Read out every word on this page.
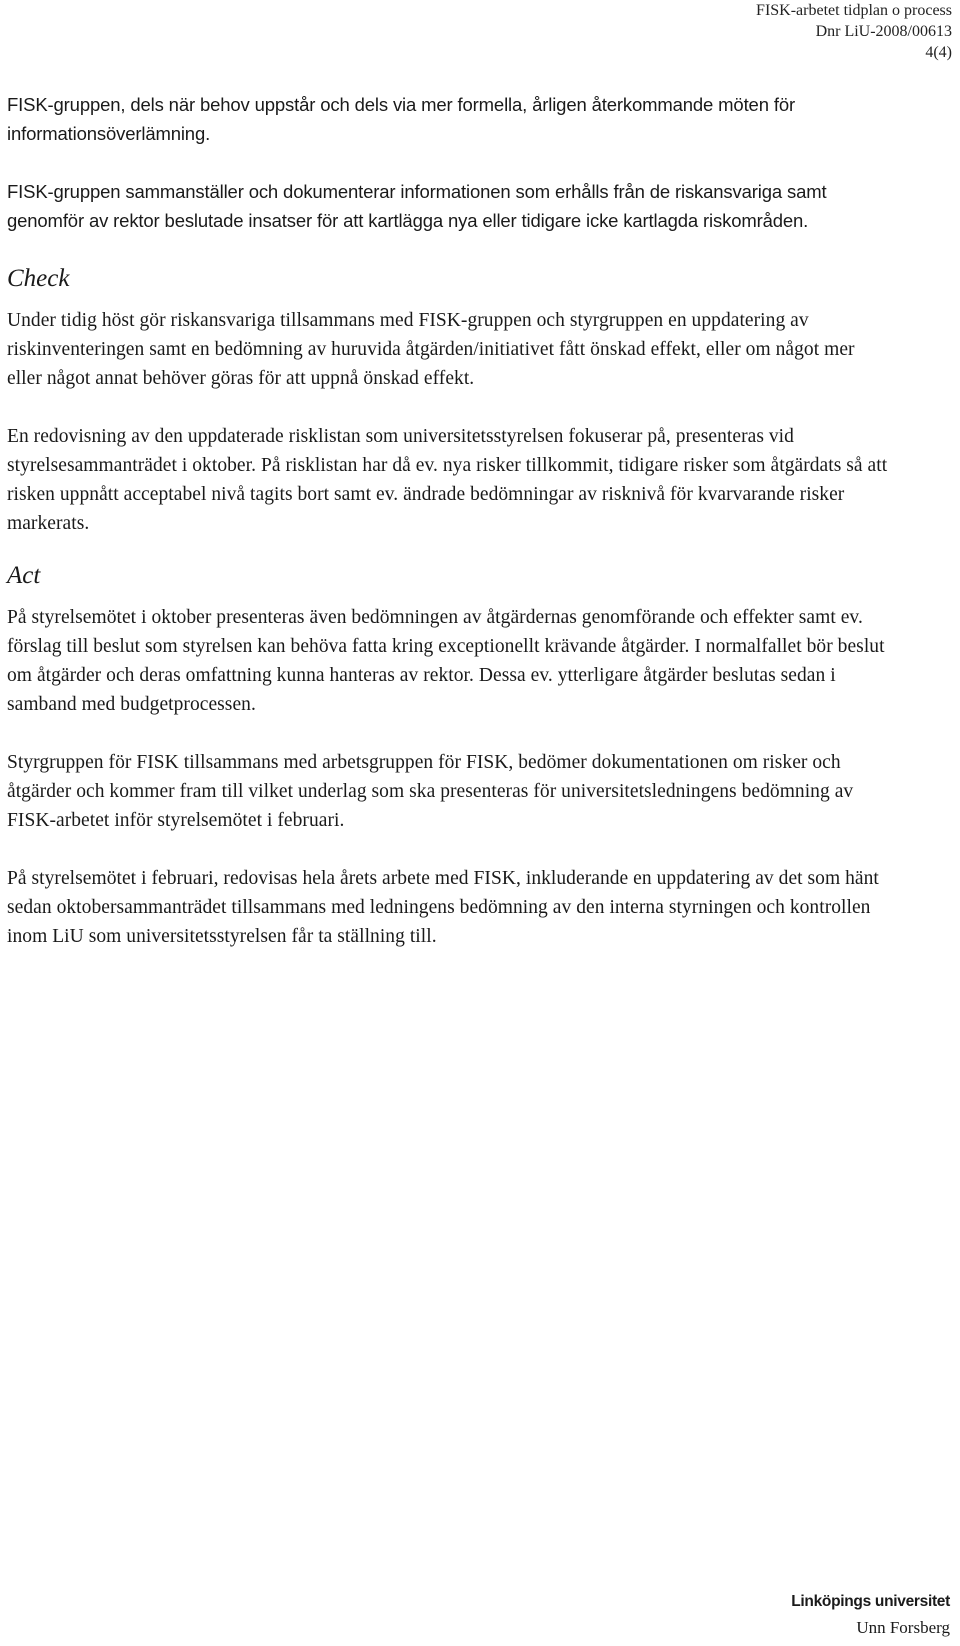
FISK-arbetet tidplan o process
Dnr LiU-2008/00613
4(4)

FISK-gruppen, dels när behov uppstår och dels via mer formella, årligen återkommande möten för informationsöverlämning.

FISK-gruppen sammanställer och dokumenterar informationen som erhålls från de riskansvariga samt genomför av rektor beslutade insatser för att kartlägga nya eller tidigare icke kartlagda riskområden.

Check

Under tidig höst gör riskansvariga tillsammans med FISK-gruppen och styrgruppen en uppdatering av riskinventeringen samt en bedömning av huruvida åtgärden/initiativet fått önskad effekt, eller om något mer eller något annat behöver göras för att uppnå önskad effekt.

En redovisning av den uppdaterade risklistan som universitetsstyrelsen fokuserar på, presenteras vid styrelsesammanträdet i oktober. På risklistan har då ev. nya risker tillkommit, tidigare risker som åtgärdats så att risken uppnått acceptabel nivå tagits bort samt ev. ändrade bedömningar av risknivå för kvarvarande risker markerats.

Act

På styrelsemötet i oktober presenteras även bedömningen av åtgärdernas genomförande och effekter samt ev. förslag till beslut som styrelsen kan behöva fatta kring exceptionellt krävande åtgärder. I normalfallet bör beslut om åtgärder och deras omfattning kunna hanteras av rektor. Dessa ev. ytterligare åtgärder beslutas sedan i samband med budgetprocessen.

Styrgruppen för FISK tillsammans med arbetsgruppen för FISK, bedömer dokumentationen om risker och åtgärder och kommer fram till vilket underlag som ska presenteras för universitetsledningens bedömning av FISK-arbetet inför styrelsemötet i februari.

På styrelsemötet i februari, redovisas hela årets arbete med FISK, inkluderande en uppdatering av det som hänt sedan oktobersammanträdet tillsammans med ledningens bedömning av den interna styrningen och kontrollen inom LiU som universitetsstyrelsen får ta ställning till.

Linköpings universitet
Unn Forsberg
